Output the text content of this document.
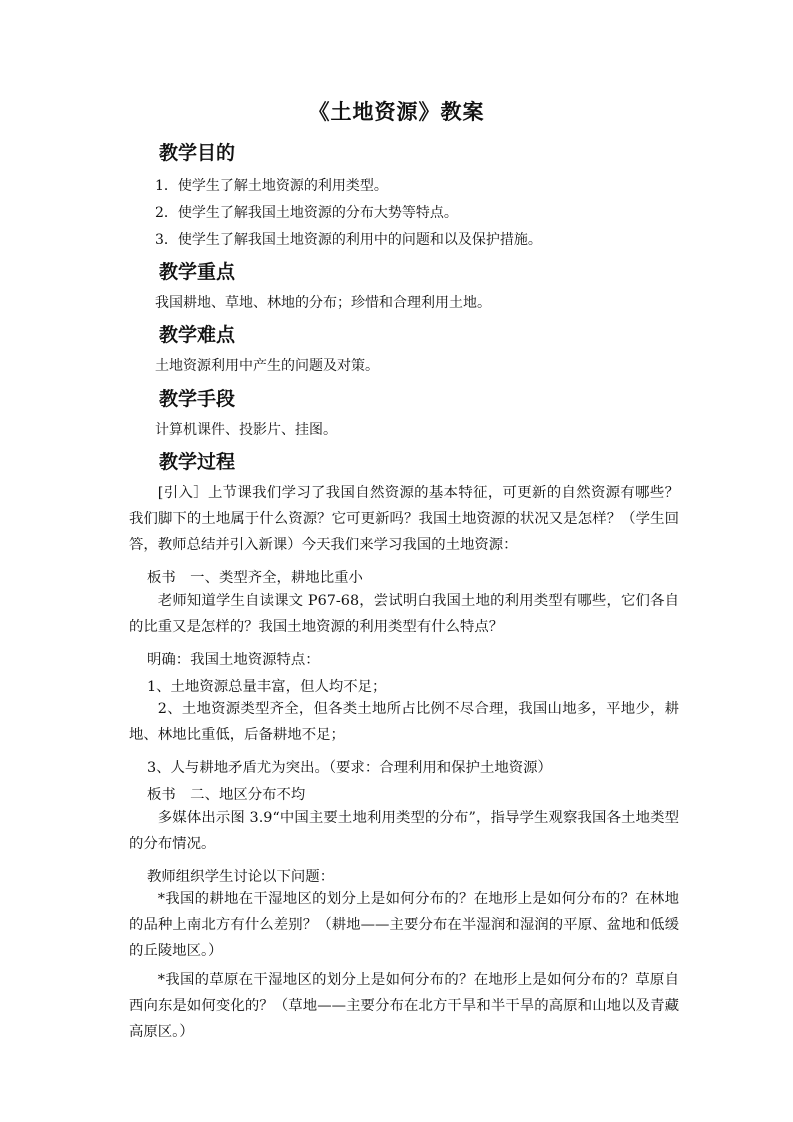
《土地资源》教案
教学目的
1．使学生了解土地资源的利用类型。
2．使学生了解我国土地资源的分布大势等特点。
3．使学生了解我国土地资源的利用中的问题和以及保护措施。
教学重点
我国耕地、草地、林地的分布；珍惜和合理利用土地。
教学难点
土地资源利用中产生的问题及对策。
教学手段
计算机课件、投影片、挂图。
教学过程

[引入］上节课我们学习了我国自然资源的基本特征，可更新的自然资源有哪些？我们脚下的土地属于什么资源？它可更新吗？我国土地资源的状况又是怎样？（学生回答，教师总结并引入新课）今天我们来学习我国的土地资源：

板书　一、类型齐全，耕地比重小

老师知道学生自读课文 P67-68，尝试明白我国土地的利用类型有哪些，它们各自的比重又是怎样的？我国土地资源的利用类型有什么特点？

明确：我国土地资源特点：
1、土地资源总量丰富，但人均不足；

2、土地资源类型齐全，但各类土地所占比例不尽合理，我国山地多，平地少，耕地、林地比重低，后备耕地不足；

3、人与耕地矛盾尤为突出。（要求：合理利用和保护土地资源）
板书　二、地区分布不均

多媒体出示图 3.9“中国主要土地利用类型的分布”，指导学生观察我国各土地类型的分布情况。

教师组织学生讨论以下问题：

*我国的耕地在干湿地区的划分上是如何分布的？在地形上是如何分布的？在林地的品种上南北方有什么差别？（耕地——主要分布在半湿润和湿润的平原、盆地和低缓的丘陵地区。）

*我国的草原在干湿地区的划分上是如何分布的？在地形上是如何分布的？草原自西向东是如何变化的？（草地——主要分布在北方干旱和半干旱的高原和山地以及青藏高原区。）
